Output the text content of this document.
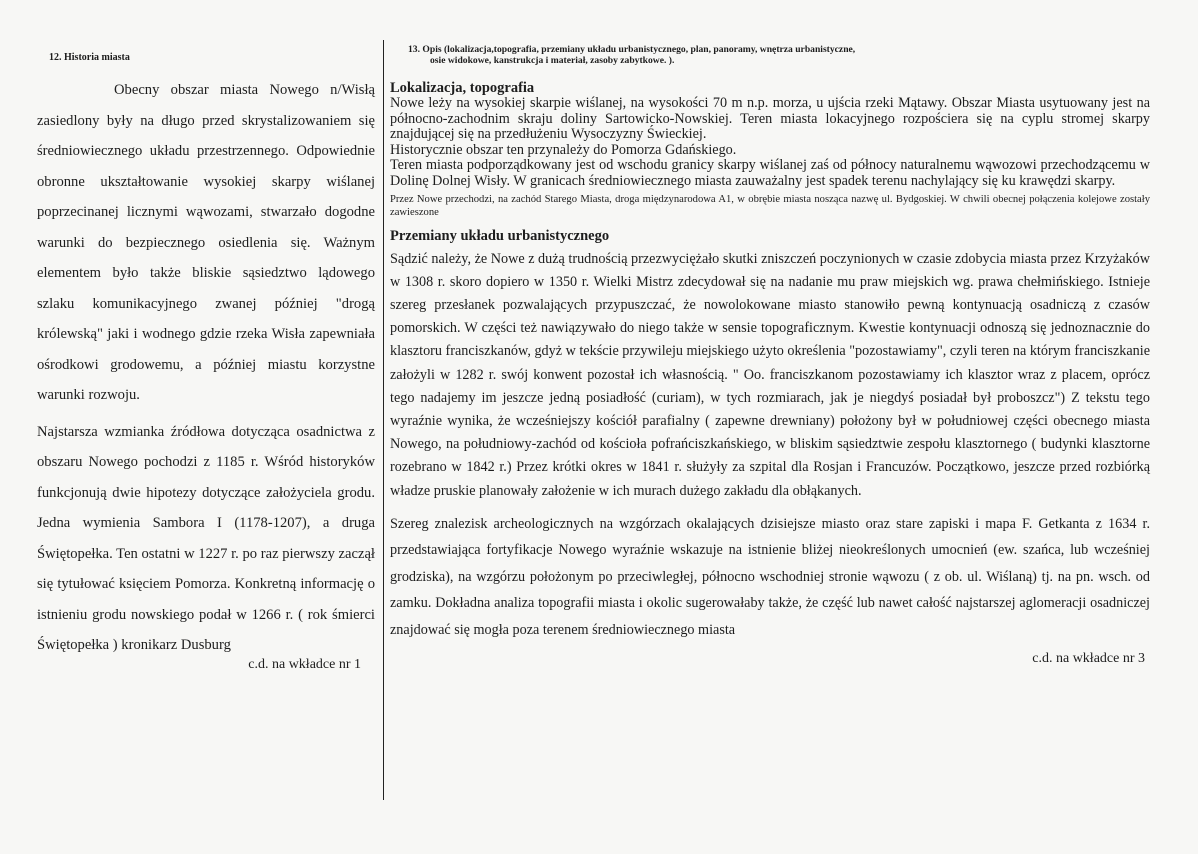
12. Historia miasta
Obecny obszar miasta Nowego n/Wisłą zasiedlony były na długo przed skrystalizowaniem się średniowiecznego układu przestrzennego. Odpowiednie obronne ukształtowanie wysokiej skarpy wiślanej poprzecinanej licznymi wąwozami, stwarzało dogodne warunki do bezpiecznego osiedlenia się. Ważnym elementem było także bliskie sąsiedztwo lądowego szlaku komunikacyjnego zwanej później "drogą królewską" jaki i wodnego gdzie rzeka Wisła zapewniała ośrodkowi grodowemu, a później miastu korzystne warunki rozwoju.
Najstarsza wzmianka źródłowa dotycząca osadnictwa z obszaru Nowego pochodzi z 1185 r. Wśród historyków funkcjonują dwie hipotezy dotyczące założyciela grodu. Jedna wymienia Sambora I (1178-1207), a druga Świętopełka. Ten ostatni w 1227 r. po raz pierwszy zaczął się tytułować księciem Pomorza. Konkretną informację o istnieniu grodu nowskiego podał w 1266 r. ( rok śmierci Świętopełka ) kronikarz Dusburg
c.d. na wkładce nr 1
13. Opis (lokalizacja,topografia, przemiany układu urbanistycznego, plan, panoramy, wnętrza urbanistyczne,
osie widokowe, kanstrukcja i materiał, zasoby zabytkowe. ).
Lokalizacja, topografia

Nowe leży na wysokiej skarpie wiślanej, na wysokości 70 m n.p. morza, u ujścia rzeki Mątawy. Obszar Miasta usytuowany jest na północno-zachodnim skraju doliny Sartowicko-Nowskiej. Teren miasta lokacyjnego rozpościera się na cyplu stromej skarpy znajdującej się na przedłużeniu Wysoczyzny Świeckiej.

Historycznie obszar ten przynależy do Pomorza Gdańskiego.

Teren miasta podporządkowany jest od wschodu granicy skarpy wiślanej zaś od północy naturalnemu wąwozowi przechodzącemu w Dolinę Dolnej Wisły. W granicach średniowiecznego miasta zauważalny jest spadek terenu nachylający się ku krawędzi skarpy.

Przez Nowe przechodzi, na zachód Starego Miasta, droga międzynarodowa A1, w obrębie miasta nosząca nazwę ul. Bydgoskiej. W chwili obecnej połączenia kolejowe zostały zawieszone

Przemiany układu urbanistycznego

Sądzić należy, że Nowe z dużą trudnością przezwyciężało skutki zniszczeń poczynionych w czasie zdobycia miasta przez Krzyżaków w 1308 r. skoro dopiero w 1350 r. Wielki Mistrz zdecydował się na nadanie mu praw miejskich wg. prawa chełmińskiego. Istnieje szereg przesłanek pozwalających przypuszczać, że nowolokowane miasto stanowiło pewną kontynuacją osadniczą z czasów pomorskich. W części też nawiązywało do niego także w sensie topograficznym. Kwestie kontynuacji odnoszą się jednoznacznie do klasztoru franciszkanów, gdyż w tekście przywileju miejskiego użyto określenia "pozostawiamy", czyli teren na którym franciszkanie założyli w 1282 r. swój konwent pozostał ich własnością. " Oo. franciszkanom pozostawiamy ich klasztor wraz z placem, oprócz tego nadajemy im jeszcze jedną posiadłość (curiam), w tych rozmiarach, jak je niegdyś posiadał był proboszcz") Z tekstu tego wyraźnie wynika, że wcześniejszy kościół parafialny ( zapewne drewniany) położony był w południowej części obecnego miasta Nowego, na południowy-zachód od kościoła pofrańciszkańskiego, w bliskim sąsiedztwie zespołu klasztornego ( budynki klasztorne rozebrano w 1842 r.) Przez krótki okres w 1841 r. służyły za szpital dla Rosjan i Francuzów. Początkowo, jeszcze przed rozbiórką władze pruskie planowały założenie w ich murach dużego zakładu dla obłąkanych.

Szereg znalezisk archeologicznych na wzgórzach okalających dzisiejsze miasto oraz stare zapiski i mapa F. Getkanta z 1634 r. przedstawiająca fortyfikacje Nowego wyraźnie wskazuje na istnienie bliżej nieokreślonych umocnień (ew. szańca, lub wcześniej grodziska), na wzgórzu położonym po przeciwległej, północno wschodniej stronie wąwozu ( z ob. ul. Wiślaną) tj. na pn. wsch. od zamku. Dokładna analiza topografii miasta i okolic sugerowałaby także, że część lub nawet całość najstarszej aglomeracji osadniczej znajdować się mogła poza terenem średniowiecznego miasta

c.d. na wkładce nr 3
